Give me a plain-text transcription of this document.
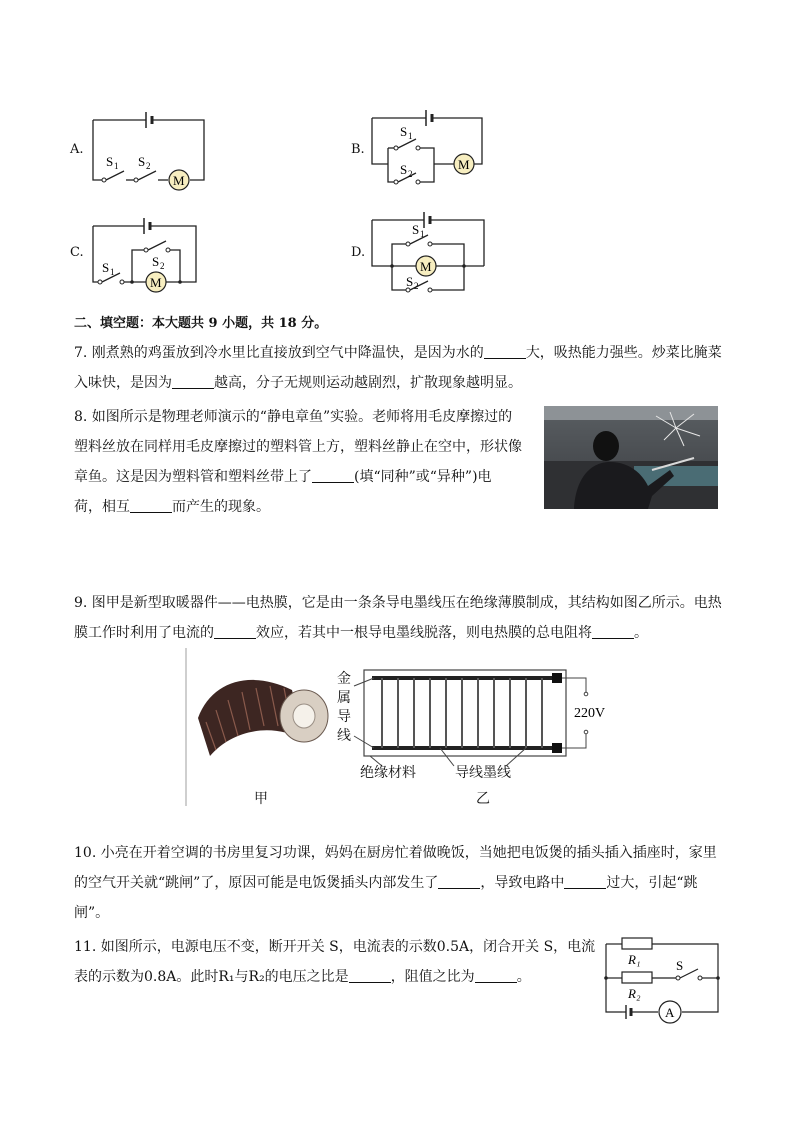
A.
M
S 1 S 2
B.
M
S 1
S 2
C.
M
S 1
S 2
D.
M
S 1
S 2
二、填空题：本大题共 9 小题，共 18 分。
7. 刚煮熟的鸡蛋放到冷水里比直接放到空气中降温快，是因为水的	大，吸热能力强些。炒菜比腌菜
入味快，是因为	越高，分子无规则运动越剧烈，扩散现象越明显。
8. 如图所示是物理老师演示的“静电章鱼”实验。老师将用毛皮摩擦过的
塑料丝放在同样用毛皮摩擦过的塑料管上方，塑料丝静止在空中，形状像
章鱼。这是因为塑料管和塑料丝带上了	(填“同种”或“异种”)电
荷，相互	而产生的现象。
9. 图甲是新型取暖器件——电热膜，它是由一条条导电墨线压在绝缘薄膜制成，其结构如图乙所示。电热
膜工作时利用了电流的	效应，若其中一根导电墨线脱落，则电热膜的总电阻将	。
220V
金
属
导
线
绝缘材料	导线墨线
甲	乙
10. 小亮在开着空调的书房里复习功课，妈妈在厨房忙着做晚饭，当她把电饭煲的插头插入插座时，家里
的空气开关就“跳闸”了，原因可能是电饭煲插头内部发生了	，导致电路中	过大，引起“跳
闸”。
11. 如图所示，电源电压不变，断开开关 S，电流表的示数0.5A，闭合开关 S，电流
表的示数为0.8A。此时R₁与R₂的电压之比是	，阻值之比为	。
A
R₁
R₂
S
